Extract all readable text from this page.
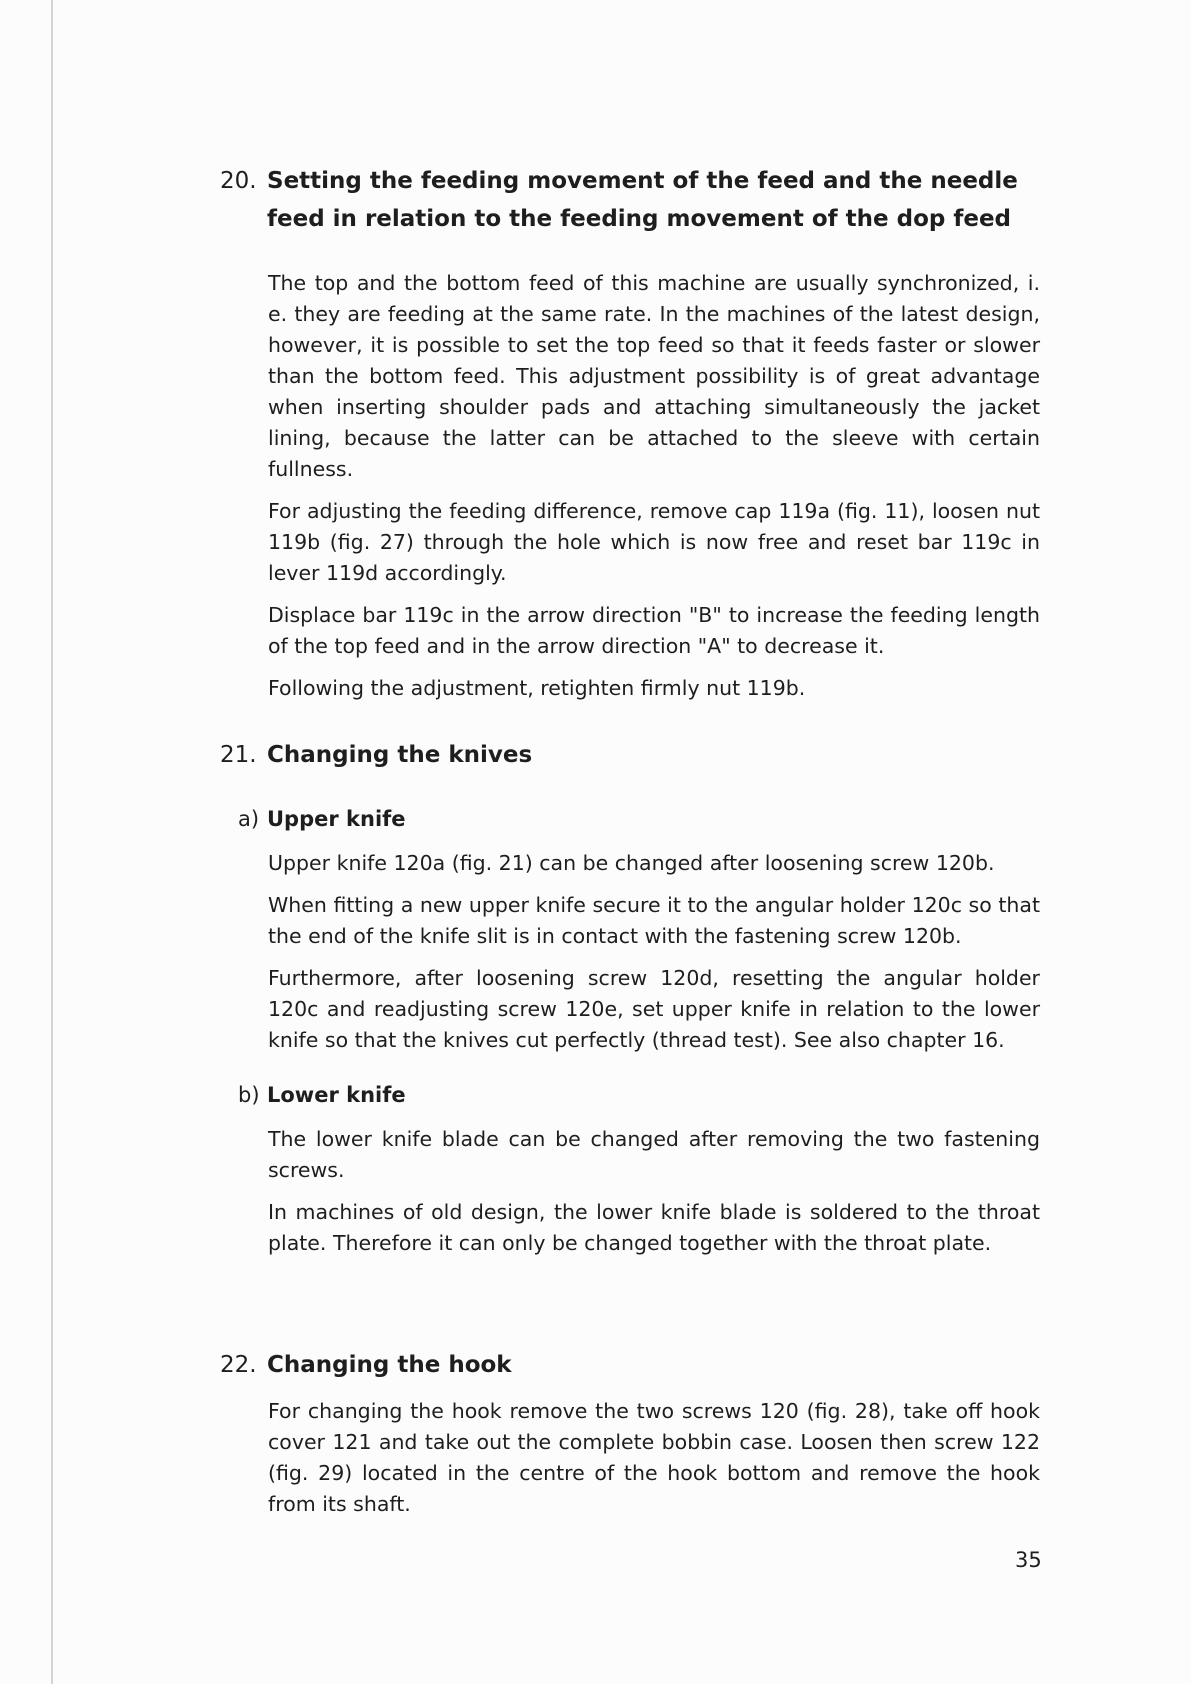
20. Setting the feeding movement of the feed and the needle feed in relation to the feeding movement of the dop feed

The top and the bottom feed of this machine are usually synchronized, i. e. they are feeding at the same rate. In the machines of the latest design, however, it is possible to set the top feed so that it feeds faster or slower than the bottom feed. This adjustment possibility is of great advantage when inserting shoulder pads and attaching simultaneously the jacket lining, because the latter can be attached to the sleeve with certain fullness.

For adjusting the feeding difference, remove cap 119a (fig. 11), loosen nut 119b (fig. 27) through the hole which is now free and reset bar 119c in lever 119d accordingly.

Displace bar 119c in the arrow direction "B" to increase the feeding length of the top feed and in the arrow direction "A" to decrease it.

Following the adjustment, retighten firmly nut 119b.

21. Changing the knives
a) Upper knife

Upper knife 120a (fig. 21) can be changed after loosening screw 120b.

When fitting a new upper knife secure it to the angular holder 120c so that the end of the knife slit is in contact with the fastening screw 120b.

Furthermore, after loosening screw 120d, resetting the angular holder 120c and readjusting screw 120e, set upper knife in relation to the lower knife so that the knives cut perfectly (thread test). See also chapter 16.

b) Lower knife

The lower knife blade can be changed after removing the two fastening screws.

In machines of old design, the lower knife blade is soldered to the throat plate. Therefore it can only be changed together with the throat plate.

22. Changing the hook

For changing the hook remove the two screws 120 (fig. 28), take off hook cover 121 and take out the complete bobbin case. Loosen then screw 122 (fig. 29) located in the centre of the hook bottom and remove the hook from its shaft.

35
